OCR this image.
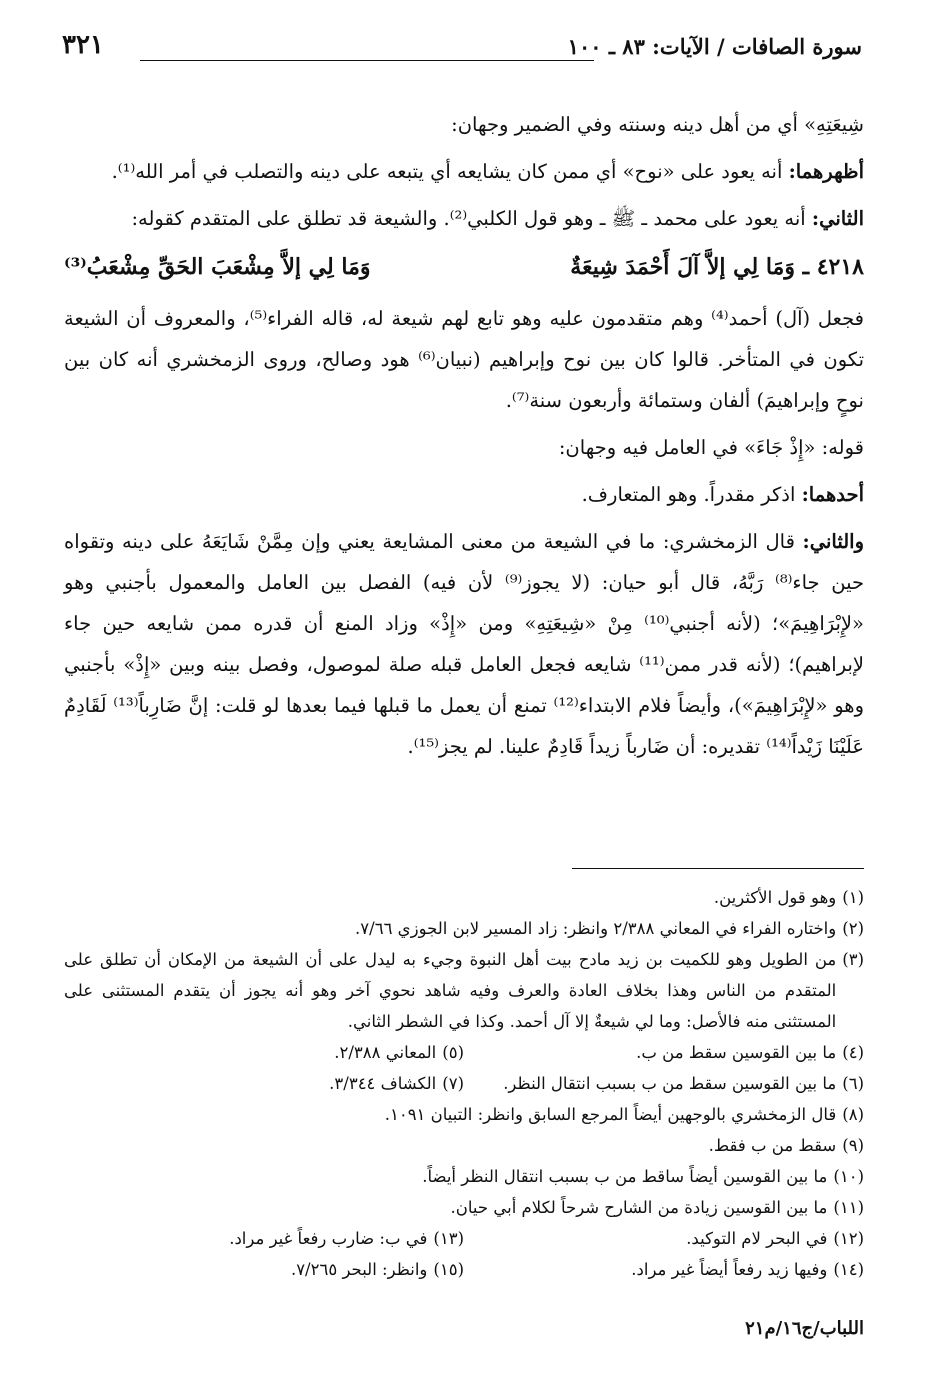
سورة الصافات / الآيات: ٨٣ ـ ١٠٠
٣٢١

شِيعَتِهِ» أي من أهل دينه وسنته وفي الضمير وجهان:

أظهرهما: أنه يعود على «نوح» أي ممن كان يشايعه أي يتبعه على دينه والتصلب في أمر الله⁽¹⁾.

الثاني: أنه يعود على محمد ـ ﷺ ـ وهو قول الكلبي⁽²⁾. والشيعة قد تطلق على المتقدم كقوله:

٤٢١٨ ـ وَمَا لِي إلاَّ آلَ أَحْمَدَ شِيعَةٌ
وَمَا لِي إلاَّ مِشْعَبَ الحَقِّ مِشْعَبُ⁽³⁾

فجعل (آل) أحمد⁽⁴⁾ وهم متقدمون عليه وهو تابع لهم شيعة له، قاله الفراء⁽⁵⁾، والمعروف أن الشيعة تكون في المتأخر. قالوا كان بين نوح وإبراهيم (نبيان⁽⁶⁾ هود وصالح، وروى الزمخشري أنه كان بين نوحٍ وإبراهيمَ) ألفان وستمائة وأربعون سنة⁽⁷⁾.

قوله: «إِذْ جَاءَ» في العامل فيه وجهان:

أحدهما: اذكر مقدراً. وهو المتعارف.

والثاني: قال الزمخشري: ما في الشيعة من معنى المشايعة يعني وإن مِمَّنْ شَايَعَهُ على دينه وتقواه حين جاء⁽⁸⁾ رَبَّهُ، قال أبو حيان: (لا يجوز⁽⁹⁾ لأن فيه) الفصل بين العامل والمعمول بأجنبي وهو «لإِبْرَاهِيمَ»؛ (لأنه أجنبي⁽¹⁰⁾ مِنْ «شِيعَتِهِ» ومن «إِذْ» وزاد المنع أن قدره ممن شايعه حين جاء لإبراهيم)؛ (لأنه قدر ممن⁽¹¹⁾ شايعه فجعل العامل قبله صلة لموصول، وفصل بينه وبين «إِذْ» بأجنبي وهو «لإِبْرَاهِيمَ»)، وأيضاً فلام الابتداء⁽¹²⁾ تمنع أن يعمل ما قبلها فيما بعدها لو قلت: إنَّ ضَارِباً⁽¹³⁾ لَقَادِمٌ عَلَيْنَا زَيْداً⁽¹⁴⁾ تقديره: أن ضَارباً زيداً قَادِمٌ علينا. لم يجز⁽¹⁵⁾.

(١)
وهو قول الأكثرين.
(٢)
واختاره الفراء في المعاني ٢/٣٨٨ وانظر: زاد المسير لابن الجوزي ٧/٦٦.
(٣)
من الطويل وهو للكميت بن زيد مادح بيت أهل النبوة وجيء به ليدل على أن الشيعة من الإمكان أن تطلق على المتقدم من الناس وهذا بخلاف العادة والعرف وفيه شاهد نحوي آخر وهو أنه يجوز أن يتقدم المستثنى على المستثنى منه فالأصل: وما لي شيعةٌ إلا آل أحمد. وكذا في الشطر الثاني.
(٤)
ما بين القوسين سقط من ب.
(٥)
المعاني ٢/٣٨٨.
(٦)
ما بين القوسين سقط من ب بسبب انتقال النظر.
(٧)
الكشاف ٣/٣٤٤.
(٨)
قال الزمخشري بالوجهين أيضاً المرجع السابق وانظر: التبيان ١٠٩١.
(٩)
سقط من ب فقط.
(١٠)
ما بين القوسين أيضاً ساقط من ب بسبب انتقال النظر أيضاً.
(١١)
ما بين القوسين زيادة من الشارح شرحاً لكلام أبي حيان.
(١٢)
في البحر لام التوكيد.
(١٣)
في ب: ضارب رفعاً غير مراد.
(١٤)
وفيها زيد رفعاً أيضاً غير مراد.
(١٥)
وانظر: البحر ٧/٢٦٥.
اللباب/ج١٦/م٢١
